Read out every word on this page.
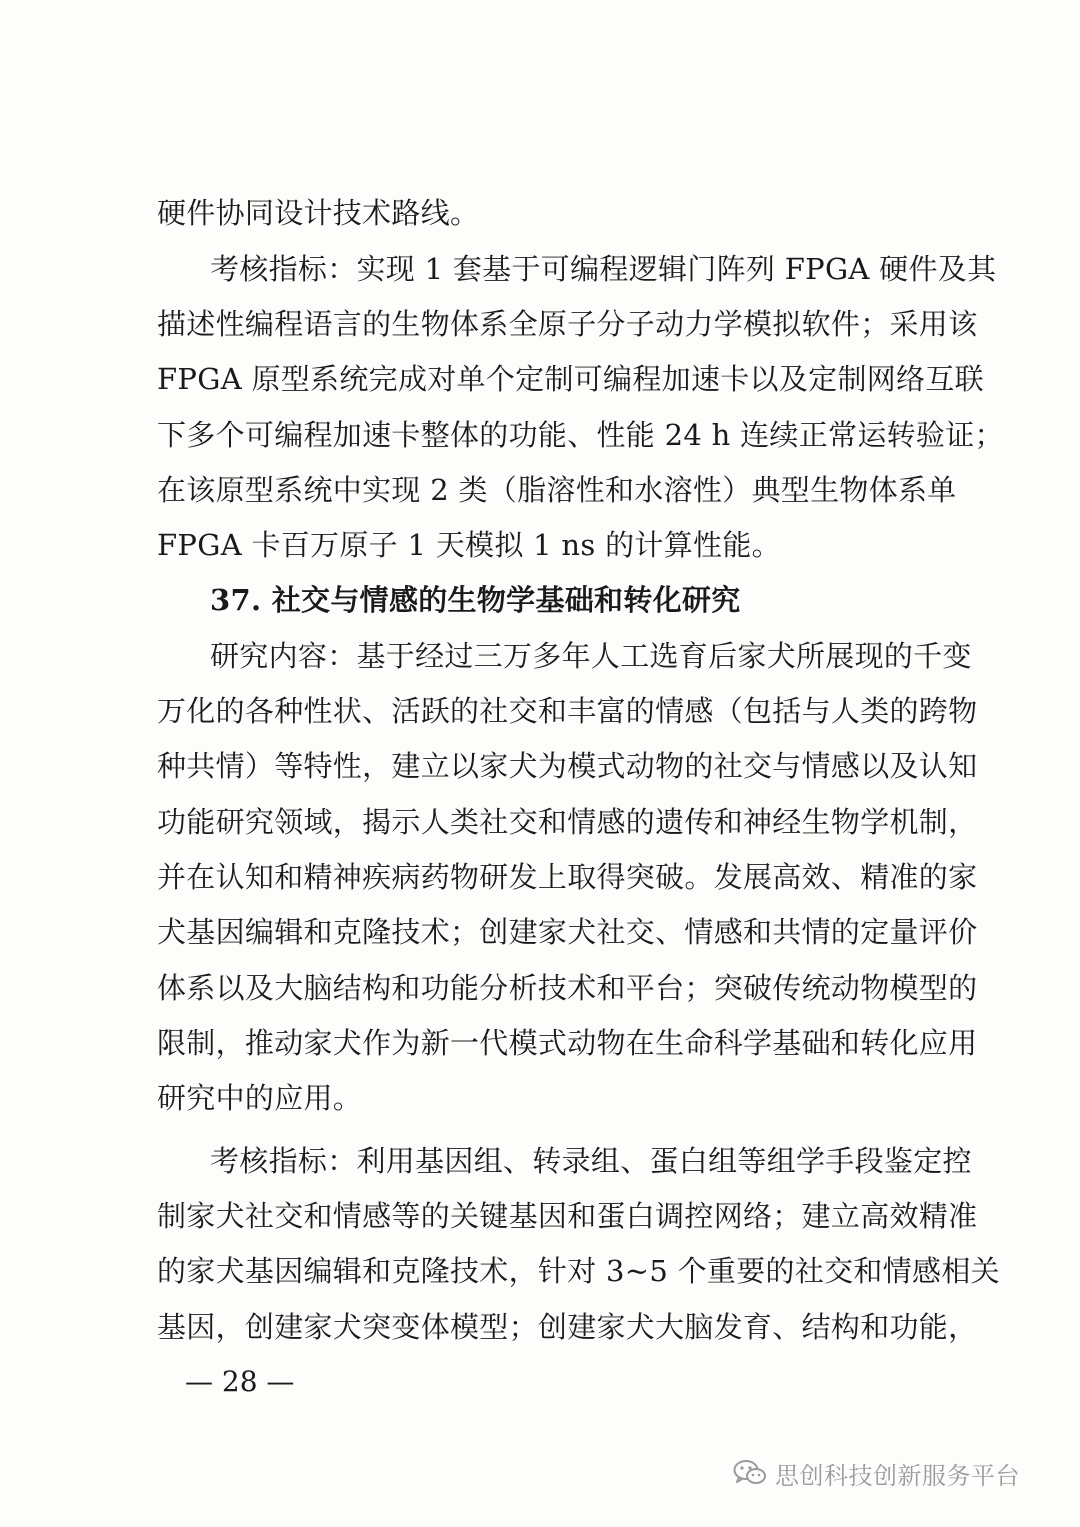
硬件协同设计技术路线。
考核指标：实现 1 套基于可编程逻辑门阵列 FPGA 硬件及其
描述性编程语言的生物体系全原子分子动力学模拟软件；采用该
FPGA 原型系统完成对单个定制可编程加速卡以及定制网络互联
下多个可编程加速卡整体的功能、性能 24 h 连续正常运转验证；
在该原型系统中实现 2 类（脂溶性和水溶性）典型生物体系单
FPGA 卡百万原子 1 天模拟 1 ns 的计算性能。
37. 社交与情感的生物学基础和转化研究
研究内容：基于经过三万多年人工选育后家犬所展现的千变
万化的各种性状、活跃的社交和丰富的情感（包括与人类的跨物
种共情）等特性，建立以家犬为模式动物的社交与情感以及认知
功能研究领域，揭示人类社交和情感的遗传和神经生物学机制，
并在认知和精神疾病药物研发上取得突破。发展高效、精准的家
犬基因编辑和克隆技术；创建家犬社交、情感和共情的定量评价
体系以及大脑结构和功能分析技术和平台；突破传统动物模型的
限制，推动家犬作为新一代模式动物在生命科学基础和转化应用
研究中的应用。
考核指标：利用基因组、转录组、蛋白组等组学手段鉴定控
制家犬社交和情感等的关键基因和蛋白调控网络；建立高效精准
的家犬基因编辑和克隆技术，针对 3~5 个重要的社交和情感相关
基因，创建家犬突变体模型；创建家犬大脑发育、结构和功能，
— 28 —
思创科技创新服务平台
